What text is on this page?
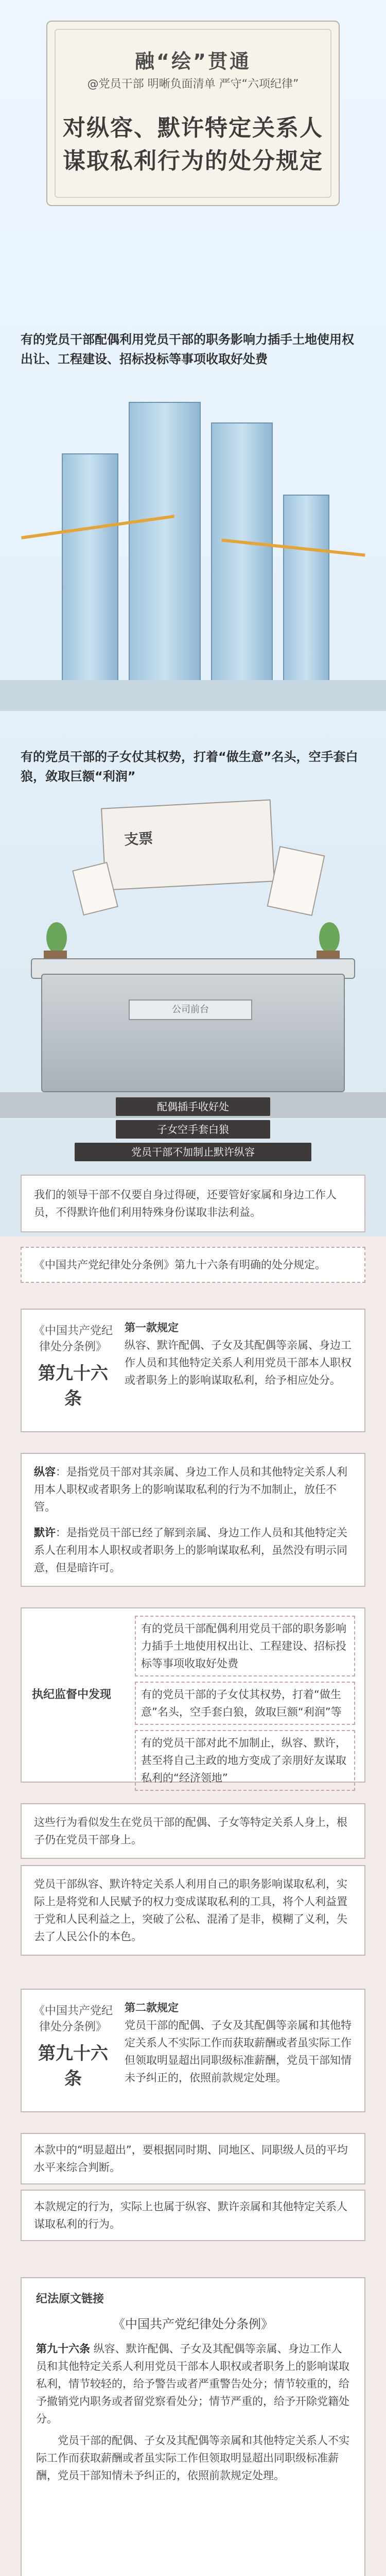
融“绘”贯通
@党员干部 明晰负面清单 严守“六项纪律”
对纵容、默许特定关系人
谋取私利行为的处分规定
有的党员干部配偶利用党员干部的职务影响力插手土地使用权出让、工程建设、招标投标等事项收取好处费
有的党员干部的子女仗其权势，打着“做生意”名头，空手套白狼，敛取巨额“利润”
支票
公司前台
配偶插手收好处
子女空手套白狼
党员干部不加制止默许纵容

我们的领导干部不仅要自身过得硬，还要管好家属和身边工作人员，不得默许他们利用特殊身份谋取非法利益。

《中国共产党纪律处分条例》第九十六条有明确的处分规定。

《中国共产党纪律处分条例》
第九十六条
第一款规定
纵容、默许配偶、子女及其配偶等亲属、身边工作人员和其他特定关系人利用党员干部本人职权或者职务上的影响谋取私利，给予相应处分。

纵容：是指党员干部对其亲属、身边工作人员和其他特定关系人利用本人职权或者职务上的影响谋取私利的行为不加制止，放任不管。

默许：是指党员干部已经了解到亲属、身边工作人员和其他特定关系人在利用本人职权或者职务上的影响谋取私利，虽然没有明示同意，但是暗许可。

执纪监督中发现
有的党员干部配偶利用党员干部的职务影响力插手土地使用权出让、工程建设、招标投标等事项收取好处费
有的党员干部的子女仗其权势，打着“做生意”名头，空手套白狼，敛取巨额“利润”等
有的党员干部对此不加制止，纵容、默许，甚至将自己主政的地方变成了亲朋好友谋取私利的“经济领地”

这些行为看似发生在党员干部的配偶、子女等特定关系人身上，根子仍在党员干部身上。

党员干部纵容、默许特定关系人利用自己的职务影响谋取私利，实际上是将党和人民赋予的权力变成谋取私利的工具，将个人利益置于党和人民利益之上，突破了公私、混淆了是非，模糊了义利，失去了人民公仆的本色。

《中国共产党纪律处分条例》
第九十六条
第二款规定
党员干部的配偶、子女及其配偶等亲属和其他特定关系人不实际工作而获取薪酬或者虽实际工作但领取明显超出同职级标准薪酬，党员干部知情未予纠正的，依照前款规定处理。

本款中的“明显超出”，要根据同时期、同地区、同职级人员的平均水平来综合判断。

本款规定的行为，实际上也属于纵容、默许亲属和其他特定关系人谋取私利的行为。

纪法原文链接

《中国共产党纪律处分条例》

第九十六条 纵容、默许配偶、子女及其配偶等亲属、身边工作人员和其他特定关系人利用党员干部本人职权或者职务上的影响谋取私利，情节较轻的，给予警告或者严重警告处分；情节较重的，给予撤销党内职务或者留党察看处分；情节严重的，给予开除党籍处分。

党员干部的配偶、子女及其配偶等亲属和其他特定关系人不实际工作而获取薪酬或者虽实际工作但领取明显超出同职级标准薪酬，党员干部知情未予纠正的，依照前款规定处理。
